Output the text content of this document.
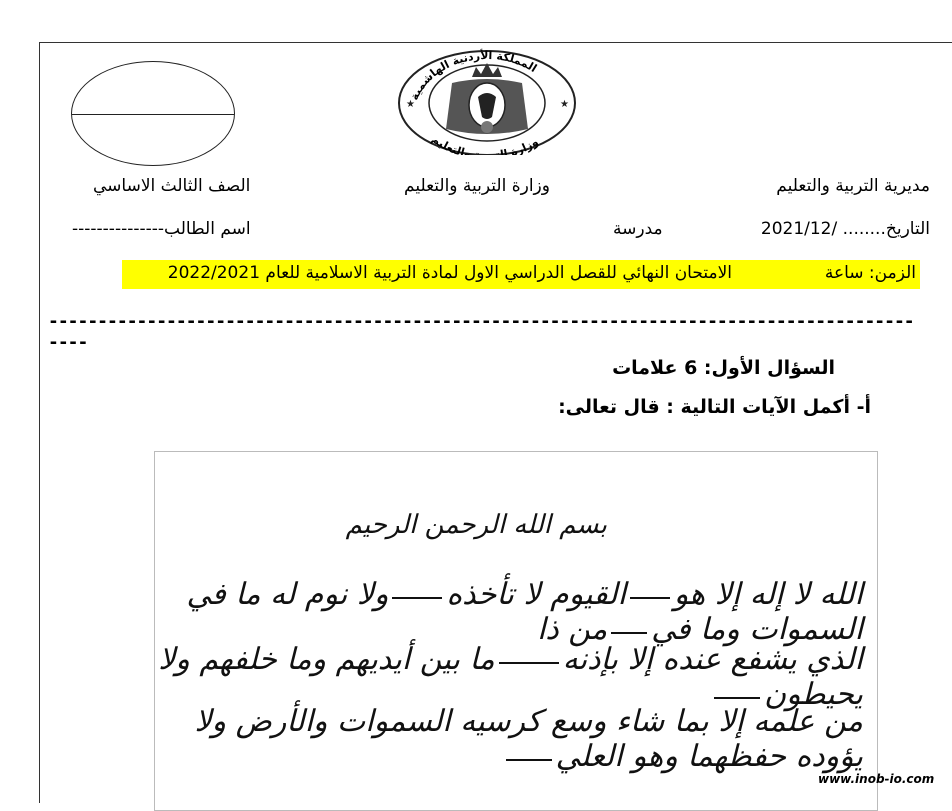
المملكة الأردنية الهاشمية
وزارة الت والتعليم
★	★
مديرية التربية والتعليم
وزارة التربية والتعليم
الصف الثالث الاساسي
التاريخ........ /2021/12
مدرسة
اسم الطالب---------------
الزمن: ساعة
الامتحان النهائي للقصل الدراسي الاول لمادة التربية الاسلامية للعام 2022/2021
--------------------------------------------------------------------------------------------
السؤال الأول: 6 علامات
أ- أكمل الآيات التالية : قال تعالى:
بسم الله الرحمن الرحيم
الله لا إله إلا هوالقيوم لا تأخذهولا نوم له ما في السموات وما فيمن ذا
الذي يشفع عنده إلا بإذنهما بين أيديهم وما خلفهم ولا يحيطون
من علمه إلا بما شاء وسع كرسيه السموات والأرض ولا يؤوده حفظهما وهو العلي
www.inob-io.com
